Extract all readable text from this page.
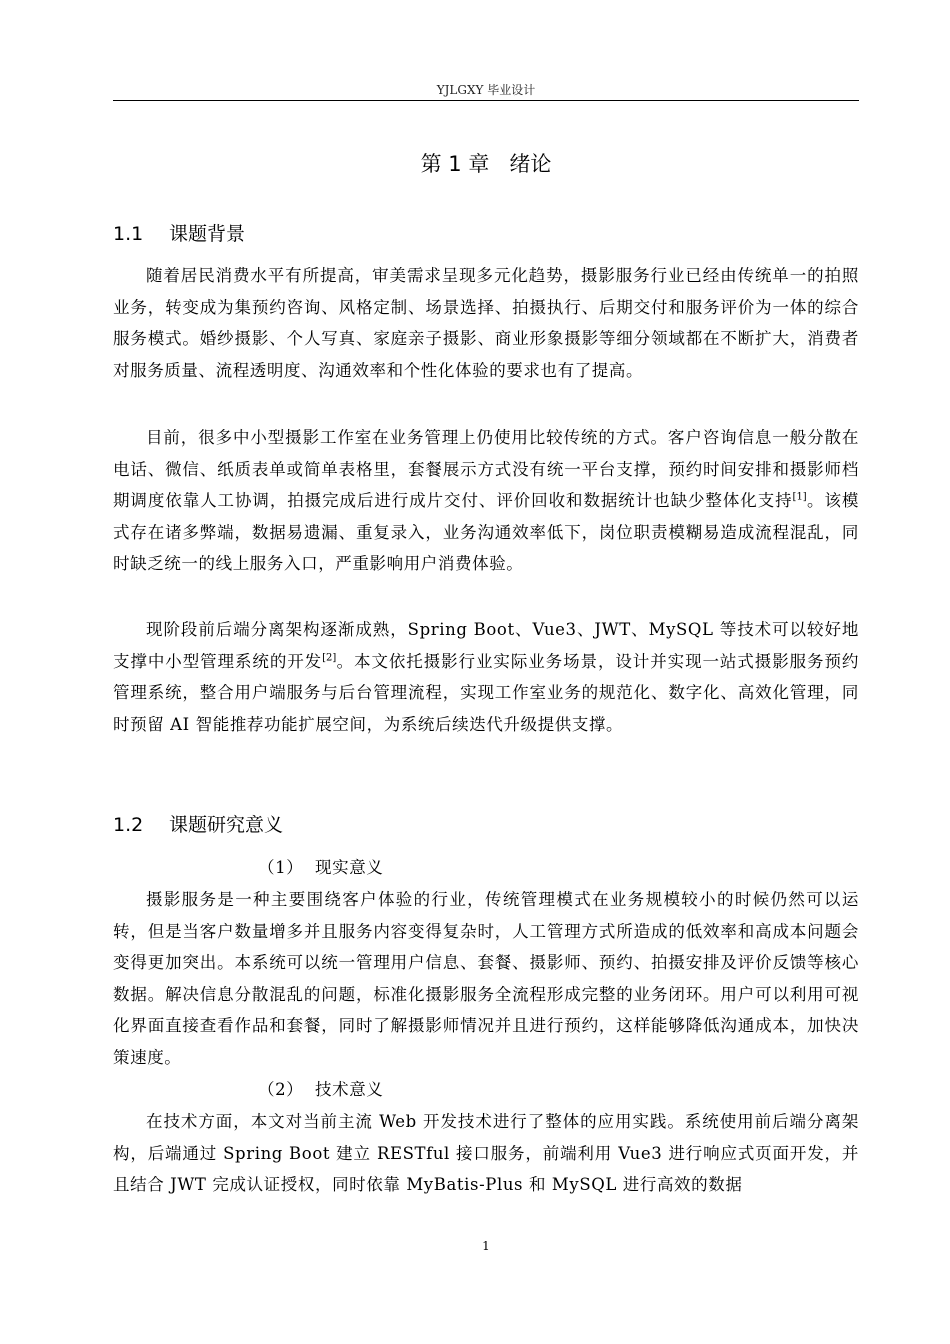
YJLGXY 毕业设计
第 1 章   绪论
1.1 课题背景

随着居民消费水平有所提高，审美需求呈现多元化趋势，摄影服务行业已经由传统单一的拍照业务，转变成为集预约咨询、风格定制、场景选择、拍摄执行、后期交付和服务评价为一体的综合服务模式。婚纱摄影、个人写真、家庭亲子摄影、商业形象摄影等细分领域都在不断扩大，消费者对服务质量、流程透明度、沟通效率和个性化体验的要求也有了提高。

目前，很多中小型摄影工作室在业务管理上仍使用比较传统的方式。客户咨询信息一般分散在电话、微信、纸质表单或简单表格里，套餐展示方式没有统一平台支撑，预约时间安排和摄影师档期调度依靠人工协调，拍摄完成后进行成片交付、评价回收和数据统计也缺少整体化支持[1]。该模式存在诸多弊端，数据易遗漏、重复录入，业务沟通效率低下，岗位职责模糊易造成流程混乱，同时缺乏统一的线上服务入口，严重影响用户消费体验。

现阶段前后端分离架构逐渐成熟，Spring Boot、Vue3、JWT、MySQL 等技术可以较好地支撑中小型管理系统的开发[2]。本文依托摄影行业实际业务场景，设计并实现一站式摄影服务预约管理系统，整合用户端服务与后台管理流程，实现工作室业务的规范化、数字化、高效化管理，同时预留 AI 智能推荐功能扩展空间，为系统后续迭代升级提供支撑。

1.2 课题研究意义
（1） 现实意义

摄影服务是一种主要围绕客户体验的行业，传统管理模式在业务规模较小的时候仍然可以运转，但是当客户数量增多并且服务内容变得复杂时，人工管理方式所造成的低效率和高成本问题会变得更加突出。本系统可以统一管理用户信息、套餐、摄影师、预约、拍摄安排及评价反馈等核心数据。解决信息分散混乱的问题，标准化摄影服务全流程形成完整的业务闭环。用户可以利用可视化界面直接查看作品和套餐，同时了解摄影师情况并且进行预约，这样能够降低沟通成本，加快决策速度。

（2） 技术意义

在技术方面，本文对当前主流 Web 开发技术进行了整体的应用实践。系统使用前后端分离架构，后端通过 Spring Boot 建立 RESTful 接口服务，前端利用 Vue3 进行响应式页面开发，并且结合 JWT 完成认证授权，同时依靠 MyBatis-Plus 和 MySQL 进行高效的数据

1
